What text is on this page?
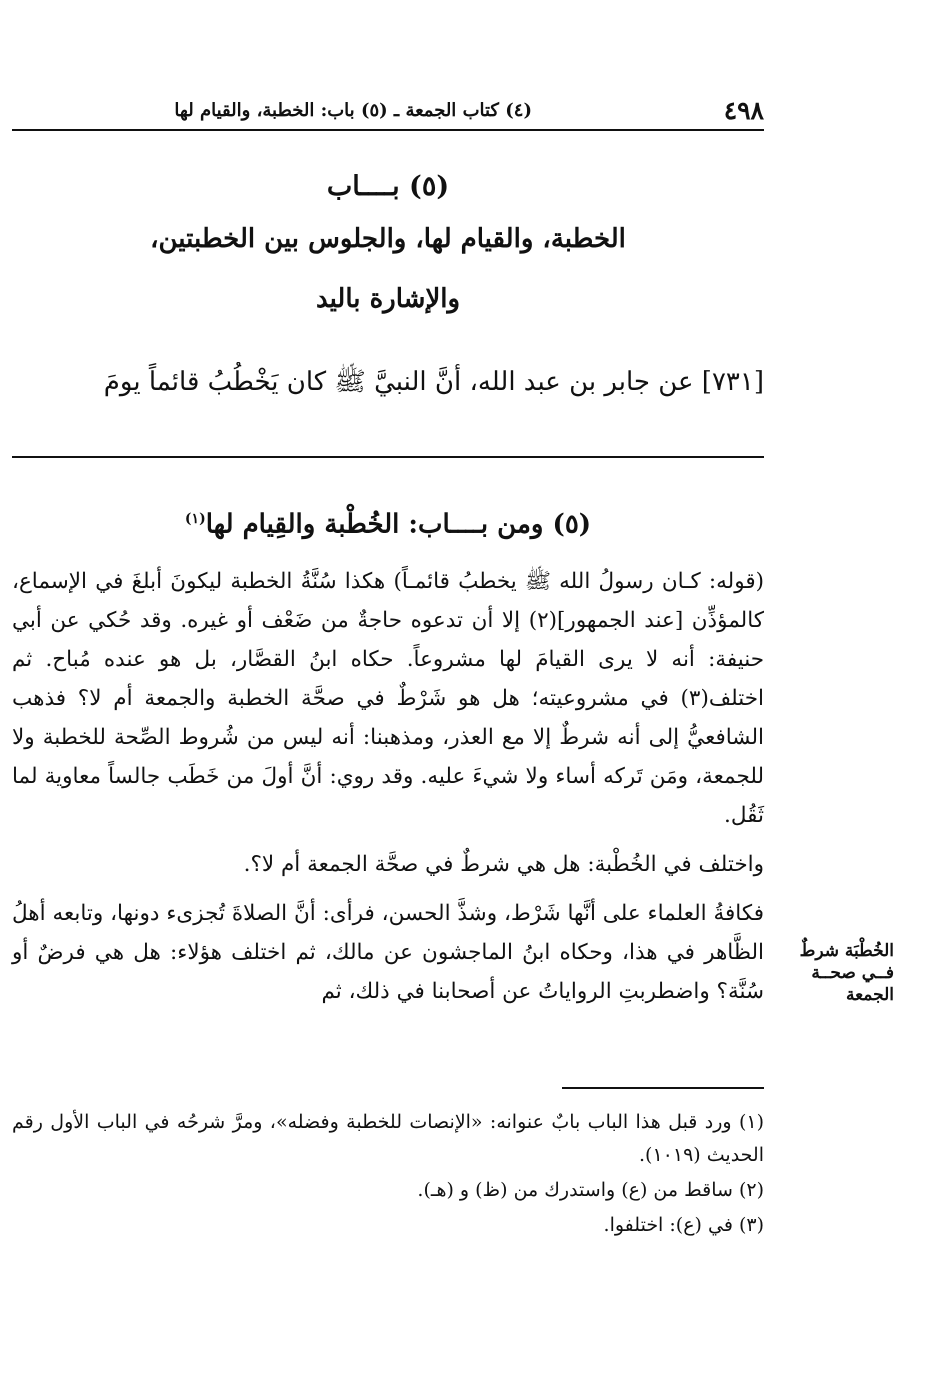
٤٩٨
(٤) كتاب الجمعة ـ (٥) باب: الخطبة، والقيام لها

(٥) بــــاب

الخطبة، والقيام لها، والجلوس بين الخطبتين،

والإشارة باليد

[٧٣١] عن جابر بن عبد الله، أنَّ النبيَّ ﷺ كان يَخْطُبُ قائماً يومَ

(٥) ومن بــــاب: الخُطْبة والقِيام لها$^{(١)}$

(قوله: كـان رسولُ الله ﷺ يخطبُ قائمـاً) هكذا سُنَّةُ الخطبة ليكونَ أبلغَ في الإسماع، كالمؤذِّن [عند الجمهور](٢) إلا أن تدعوه حاجةٌ من ضَعْف أو غيره. وقد حُكي عن أبي حنيفة: أنه لا يرى القيامَ لها مشروعاً. حكاه ابنُ القصَّار، بل هو عنده مُباح. ثم اختلف(٣) في مشروعيته؛ هل هو شَرْطٌ في صحَّة الخطبة والجمعة أم لا؟ فذهب الشافعيُّ إلى أنه شرطٌ إلا مع العذر، ومذهبنا: أنه ليس من شُروط الصِّحة للخطبة ولا للجمعة، ومَن تَركه أساء ولا شيءَ عليه. وقد روي: أنَّ أولَ من خَطَب جالساً معاوية لما ثَقُل.

واختلف في الخُطْبة: هل هي شرطٌ في صحَّة الجمعة أم لا؟.

فكافةُ العلماء على أنَّها شَرْط، وشذَّ الحسن، فرأى: أنَّ الصلاةَ تُجزىء دونها، وتابعه أهلُ الظَّاهر في هذا، وحكاه ابنُ الماجشون عن مالك، ثم اختلف هؤلاء: هل هي فرضٌ أو سُنَّة؟ واضطربتِ الرواياتُ عن أصحابنا في ذلك، ثم

الخُطْبَة شرطٌ
فــي صحــة
الجمعة

(١) ورد قبل هذا الباب بابٌ عنوانه: «الإنصات للخطبة وفضله»، ومرَّ شرحُه في الباب الأول رقم الحديث (١٠١٩).

(٢) ساقط من (ع) واستدرك من (ظ) و (هـ).

(٣) في (ع): اختلفوا.
